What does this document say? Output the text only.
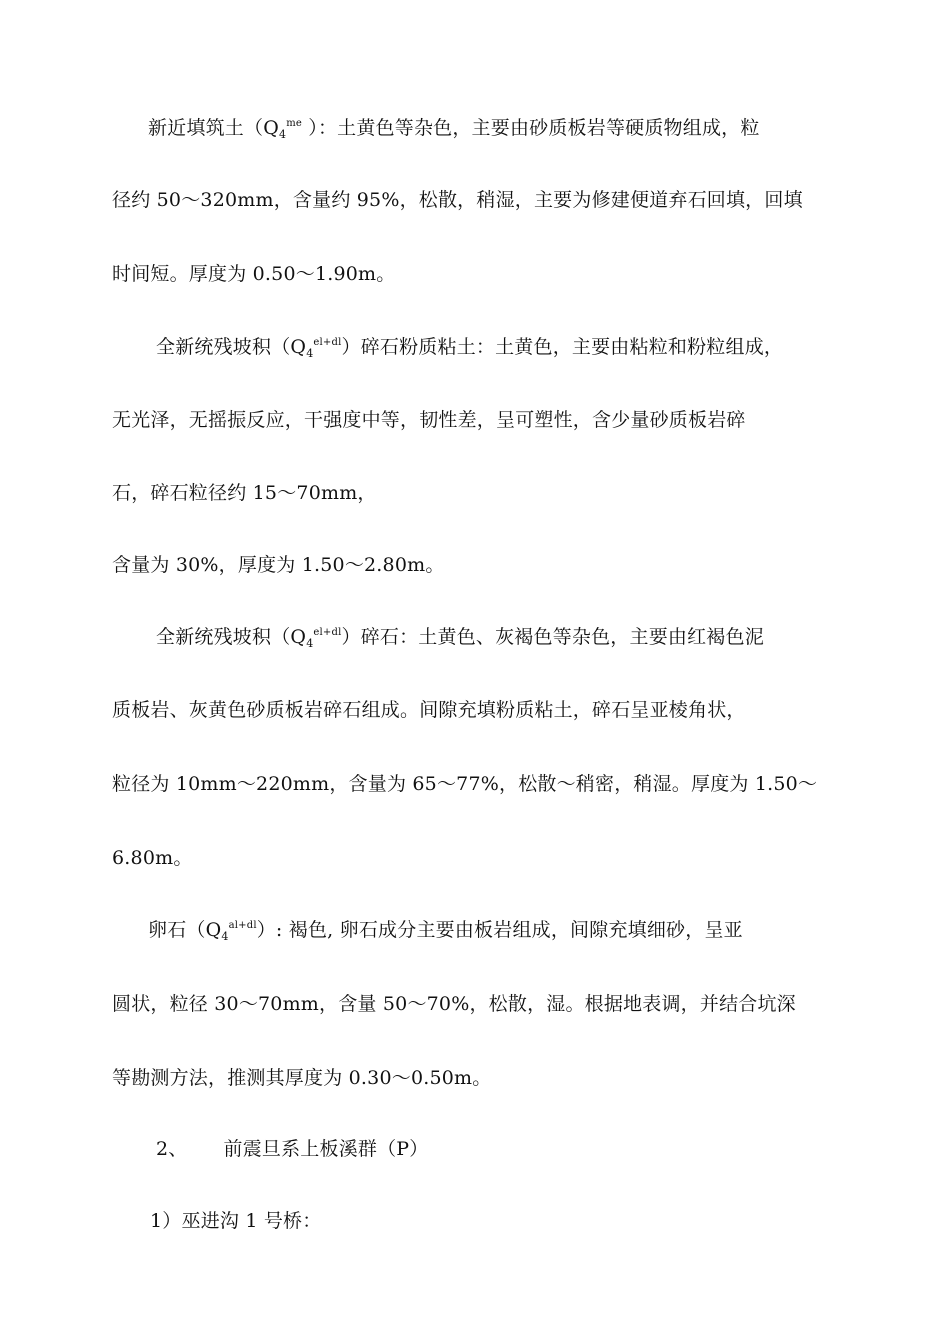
新近填筑土（$Q_4^{me}$ ）：土黄色等杂色，主要由砂质板岩等硬质物组成，粒
径约 50～320mm，含量约 95%，松散，稍湿，主要为修建便道弃石回填，回填
时间短。厚度为 0.50～1.90m。
全新统残坡积$(Q_4^{el+dl})$碎石粉质粘土：土黄色，主要由粘粒和粉粒组成，
无光泽，无摇振反应，干强度中等，韧性差，呈可塑性，含少量砂质板岩碎
石，碎石粒径约 15～70mm，
含量为 30%，厚度为 1.50～2.80m。
全新统残坡积$(Q_4^{el+dl})$碎石：土黄色、灰褐色等杂色，主要由红褐色泥
质板岩、灰黄色砂质板岩碎石组成。间隙充填粉质粘土，碎石呈亚棱角状，
粒径为 10mm～220mm，含量为 65～77%，松散～稍密，稍湿。厚度为 1.50～
6.80m。
卵石$(Q_4^{al+dl})$: 褐色, 卵石成分主要由板岩组成，间隙充填细砂，呈亚
圆状，粒径 30～70mm，含量 50～70%，松散，湿。根据地表调，并结合坑深
等勘测方法，推测其厚度为 0.30～0.50m。
2、 前震旦系上板溪群（P）
1）巫进沟 1 号桥：
